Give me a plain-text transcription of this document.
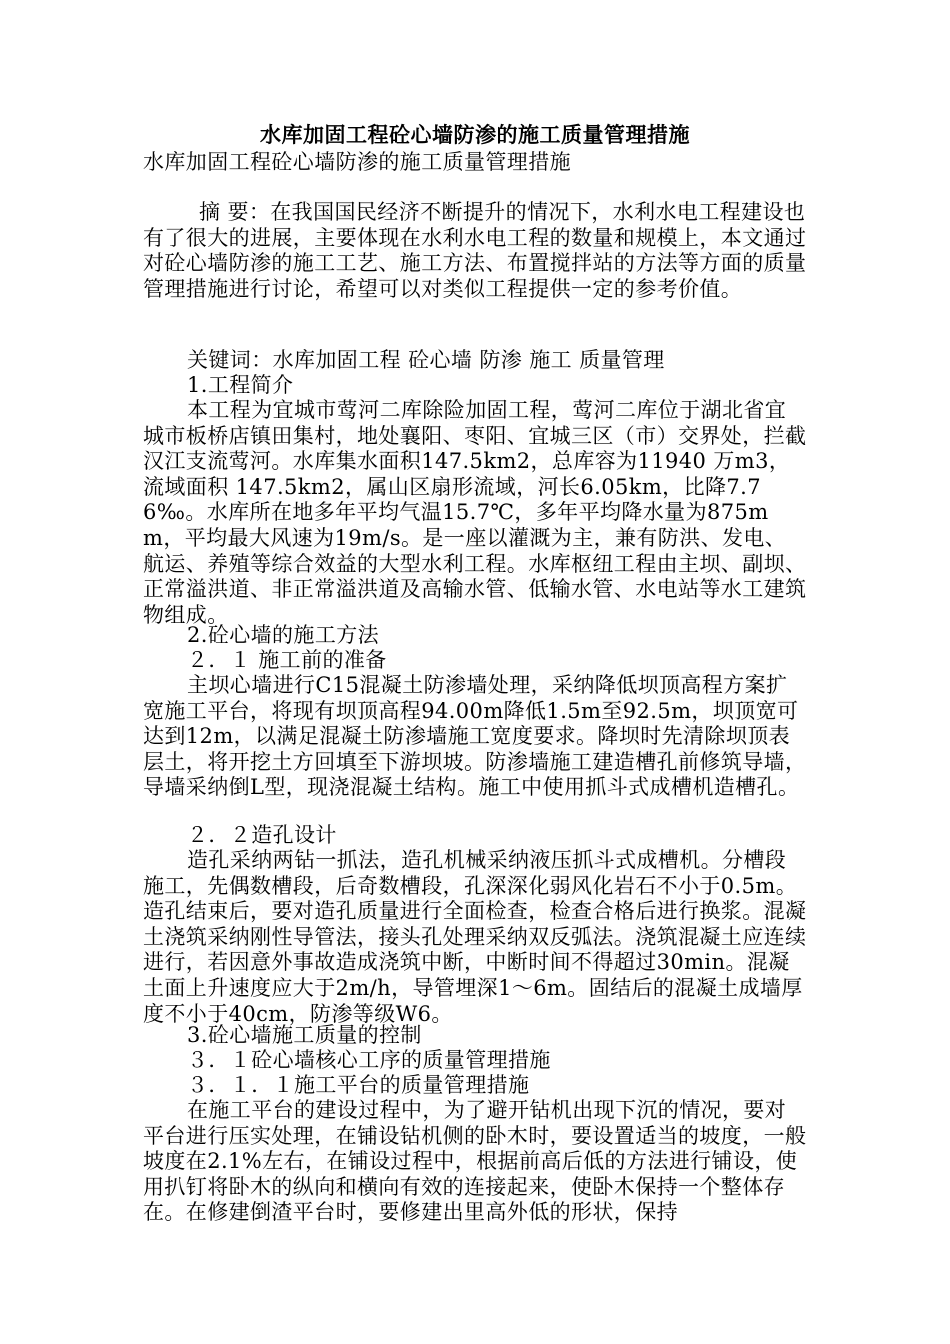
水库加固工程砼心墙防渗的施工质量管理措施
水库加固工程砼心墙防渗的施工质量管理措施
摘 要：在我国国民经济不断提升的情况下，水利水电工程建设也有了很大的进展，主要体现在水利水电工程的数量和规模上，本文通过对砼心墙防渗的施工工艺、施工方法、布置搅拌站的方法等方面的质量管理措施进行讨论，希望可以对类似工程提供一定的参考价值。
关键词：水库加固工程 砼心墙 防渗 施工 质量管理
1.工程简介
本工程为宜城市莺河二库除险加固工程，莺河二库位于湖北省宜城市板桥店镇田集村，地处襄阳、枣阳、宜城三区（市）交界处，拦截汉江支流莺河。水库集水面积147.5km2，总库容为11940 万m3，流域面积 147.5km2，属山区扇形流域，河长6.05km，比降7.76‰。水库所在地多年平均气温15.7℃，多年平均降水量为875mm，平均最大风速为19m/s。是一座以灌溉为主，兼有防洪、发电、航运、养殖等综合效益的大型水利工程。水库枢纽工程由主坝、副坝、正常溢洪道、非正常溢洪道及高输水管、低输水管、水电站等水工建筑物组成。
2.砼心墙的施工方法
２．１ 施工前的准备
主坝心墙进行C15混凝土防渗墙处理，采纳降低坝顶高程方案扩宽施工平台，将现有坝顶高程94.00m降低1.5m至92.5m，坝顶宽可达到12m，以满足混凝土防渗墙施工宽度要求。降坝时先清除坝顶表层土，将开挖土方回填至下游坝坡。防渗墙施工建造槽孔前修筑导墙，导墙采纳倒L型，现浇混凝土结构。施工中使用抓斗式成槽机造槽孔。
２．２造孔设计
造孔采纳两钻一抓法，造孔机械采纳液压抓斗式成槽机。分槽段施工，先偶数槽段，后奇数槽段，孔深深化弱风化岩石不小于0.5m。造孔结束后，要对造孔质量进行全面检查，检查合格后进行换浆。混凝土浇筑采纳刚性导管法，接头孔处理采纳双反弧法。浇筑混凝土应连续进行，若因意外事故造成浇筑中断，中断时间不得超过30min。混凝土面上升速度应大于2m/h，导管埋深1～6m。固结后的混凝土成墙厚度不小于40cm，防渗等级W6。
3.砼心墙施工质量的控制
３．１砼心墙核心工序的质量管理措施
３．１．１施工平台的质量管理措施
在施工平台的建设过程中，为了避开钻机出现下沉的情况，要对平台进行压实处理，在铺设钻机侧的卧木时，要设置适当的坡度，一般坡度在2.1%左右，在铺设过程中，根据前高后低的方法进行铺设，使用扒钉将卧木的纵向和横向有效的连接起来，使卧木保持一个整体存在。在修建倒渣平台时，要修建出里高外低的形状，保持
